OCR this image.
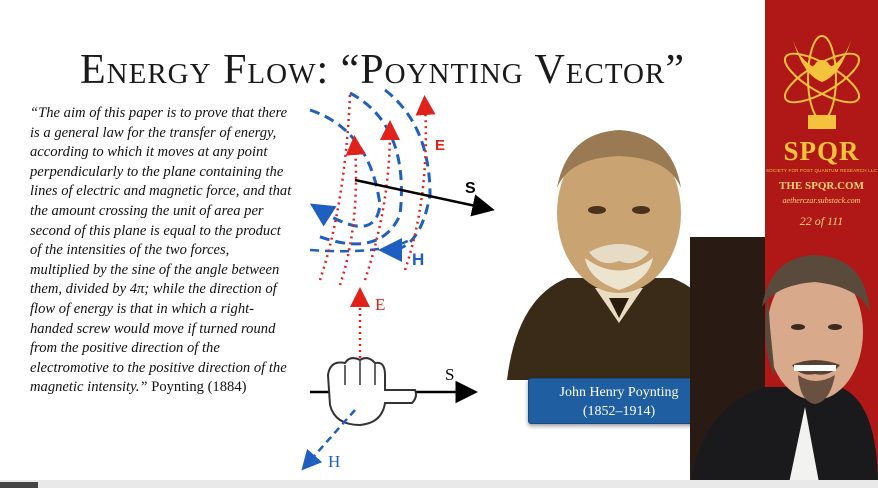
Energy Flow: “Poynting Vector”
“The aim of this paper is to prove that there is a general law for the transfer of energy, according to which it moves at any point perpendicularly to the plane containing the lines of electric and magnetic force, and that the amount crossing the unit of area per second of this plane is equal to the product of the intensities of the two forces, multiplied by the sine of the angle between them, divided by 4π; while the direction of flow of energy is that in which a right-handed screw would move if turned round from the positive direction of the electromotive to the positive direction of the magnetic intensity.” Poynting (1884)
E
S
H
E
S
H
John Henry Poynting
(1852–1914)
SPQR
SOCIETY FOR POST QUANTUM RESEARCH LLC
THE SPQR.COM
aetherczar.substack.com
22 of 111
